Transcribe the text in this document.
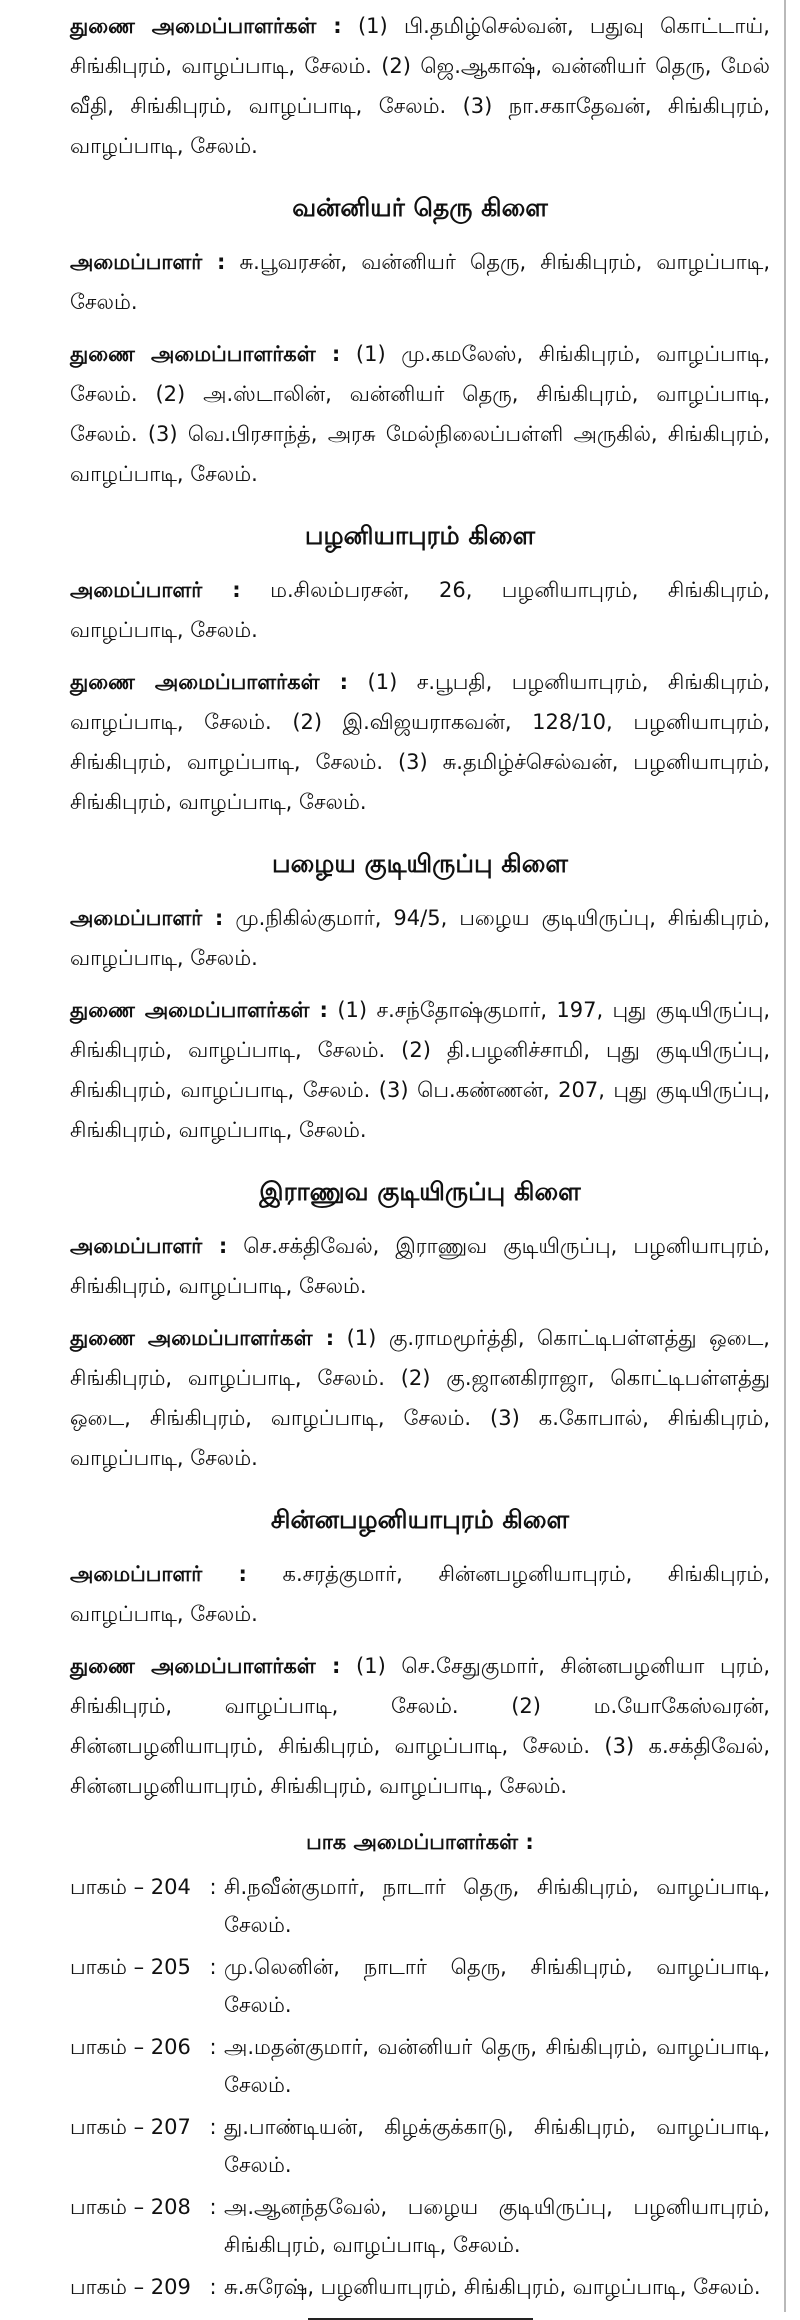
துணை அமைப்பாளர்கள் : (1) பி.தமிழ்செல்வன், பதுவு கொட்டாய், சிங்கிபுரம், வாழப்பாடி, சேலம். (2) ஜெ.ஆகாஷ், வன்னியர் தெரு, மேல் வீதி, சிங்கிபுரம், வாழப்பாடி, சேலம். (3) நா.சகாதேவன், சிங்கிபுரம், வாழப்பாடி, சேலம்.

வன்னியர் தெரு கிளை

அமைப்பாளர் : சு.பூவரசன், வன்னியர் தெரு, சிங்கிபுரம், வாழப்பாடி, சேலம்.

துணை அமைப்பாளர்கள் : (1) மு.கமலேஸ், சிங்கிபுரம், வாழப்பாடி, சேலம். (2) அ.ஸ்டாலின், வன்னியர் தெரு, சிங்கிபுரம், வாழப்பாடி, சேலம். (3) வெ.பிரசாந்த், அரசு மேல்நிலைப்பள்ளி அருகில், சிங்கிபுரம், வாழப்பாடி, சேலம்.

பழனியாபுரம் கிளை

அமைப்பாளர் : ம.சிலம்பரசன், 26, பழனியாபுரம், சிங்கிபுரம், வாழப்பாடி, சேலம்.

துணை அமைப்பாளர்கள் : (1) ச.பூபதி, பழனியாபுரம், சிங்கிபுரம், வாழப்பாடி, சேலம். (2) இ.விஜயராகவன், 128/10, பழனியாபுரம், சிங்கிபுரம், வாழப்பாடி, சேலம். (3) சு.தமிழ்ச்செல்வன், பழனியாபுரம், சிங்கிபுரம், வாழப்பாடி, சேலம்.

பழைய குடியிருப்பு கிளை

அமைப்பாளர் : மு.நிகில்குமார், 94/5, பழைய குடியிருப்பு, சிங்கிபுரம், வாழப்பாடி, சேலம்.

துணை அமைப்பாளர்கள் : (1) ச.சந்தோஷ்குமார், 197, புது குடியிருப்பு, சிங்கிபுரம், வாழப்பாடி, சேலம். (2) தி.பழனிச்சாமி, புது குடியிருப்பு, சிங்கிபுரம், வாழப்பாடி, சேலம். (3) பெ.கண்ணன், 207, புது குடியிருப்பு, சிங்கிபுரம், வாழப்பாடி, சேலம்.

இராணுவ குடியிருப்பு கிளை

அமைப்பாளர் : செ.சக்திவேல், இராணுவ குடியிருப்பு, பழனியாபுரம், சிங்கிபுரம், வாழப்பாடி, சேலம்.

துணை அமைப்பாளர்கள் : (1) கு.ராமமூர்த்தி, கொட்டிபள்ளத்து ஒடை, சிங்கிபுரம், வாழப்பாடி, சேலம். (2) கு.ஜானகிராஜா, கொட்டிபள்ளத்து ஒடை, சிங்கிபுரம், வாழப்பாடி, சேலம். (3) க.கோபால், சிங்கிபுரம், வாழப்பாடி, சேலம்.

சின்னபழனியாபுரம் கிளை

அமைப்பாளர் : க.சரத்குமார், சின்னபழனியாபுரம், சிங்கிபுரம், வாழப்பாடி, சேலம்.

துணை அமைப்பாளர்கள் : (1) செ.சேதுகுமார், சின்னபழனியா புரம், சிங்கிபுரம், வாழப்பாடி, சேலம். (2) ம.யோகேஸ்வரன், சின்னபழனியாபுரம், சிங்கிபுரம், வாழப்பாடி, சேலம். (3) க.சக்திவேல், சின்னபழனியாபுரம், சிங்கிபுரம், வாழப்பாடி, சேலம்.

பாக அமைப்பாளர்கள் :
பாகம் – 204 : சி.நவீன்குமார், நாடார் தெரு, சிங்கிபுரம், வாழப்பாடி, சேலம்.
பாகம் – 205 : மு.லெனின், நாடார் தெரு, சிங்கிபுரம், வாழப்பாடி, சேலம்.
பாகம் – 206 : அ.மதன்குமார், வன்னியர் தெரு, சிங்கிபுரம், வாழப்பாடி, சேலம்.
பாகம் – 207 : து.பாண்டியன், கிழக்குக்காடு, சிங்கிபுரம், வாழப்பாடி, சேலம்.
பாகம் – 208 : அ.ஆனந்தவேல், பழைய குடியிருப்பு, பழனியாபுரம், சிங்கிபுரம், வாழப்பாடி, சேலம்.
பாகம் – 209 : சு.சுரேஷ், பழனியாபுரம், சிங்கிபுரம், வாழப்பாடி, சேலம்.
